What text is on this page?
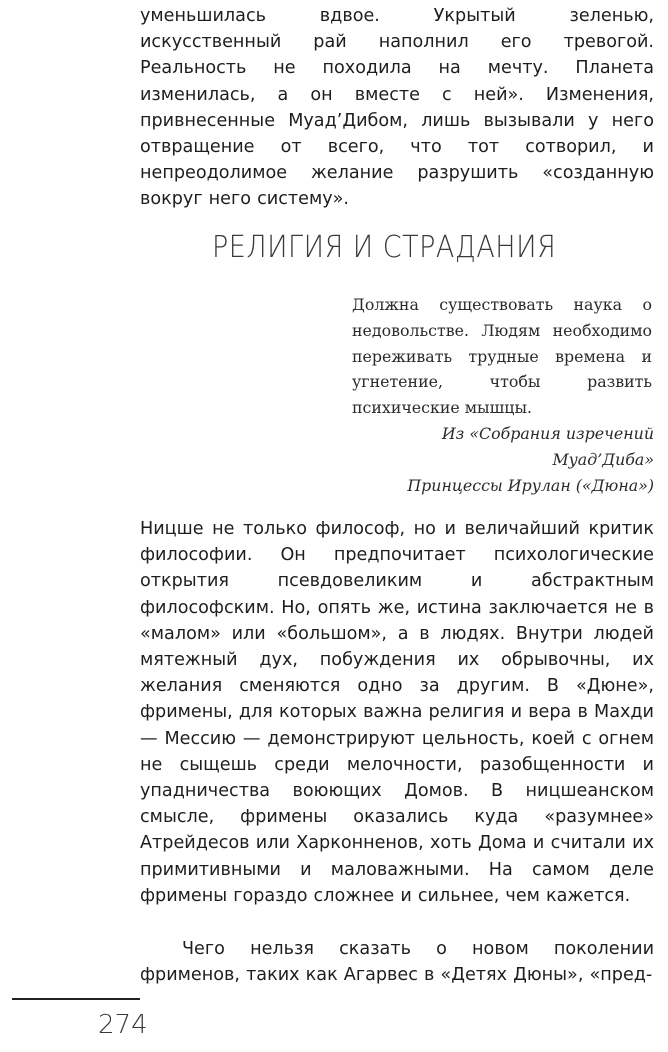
уменьшилась вдвое. Укрытый зеленью, искусственный рай наполнил его тревогой. Реальность не походила на мечту. Планета изменилась, а он вместе с ней». Изменения, привнесенные Муад’Дибом, лишь вызывали у него отвращение от всего, что тот сотворил, и непреодолимое желание разрушить «созданную вокруг него систему».

РЕЛИГИЯ И СТРАДАНИЯ

Должна существовать наука о недовольстве. Людям необходимо переживать трудные времена и угнетение, чтобы развить психические мышцы.

Из «Собрания изречений
Муад’Диба»
Принцессы Ирулан («Дюна»)

Ницше не только философ, но и величайший критик философии. Он предпочитает психологические открытия псевдовеликим и абстрактным философским. Но, опять же, истина заключается не в «малом» или «большом», а в людях. Внутри людей мятежный дух, побуждения их обрывочны, их желания сменяются одно за другим. В «Дюне», фримены, для которых важна религия и вера в Махди — Мессию — демонстрируют цельность, коей с огнем не сыщешь среди мелочности, разобщенности и упадничества воюющих Домов. В ницшеанском смысле, фримены оказались куда «разумнее» Атрейдесов или Харконненов, хоть Дома и считали их примитивными и маловажными. На самом деле фримены гораздо сложнее и сильнее, чем кажется.

Чего нельзя сказать о новом поколении фрименов, таких как Агарвес в «Детях Дюны», «пред-

274
